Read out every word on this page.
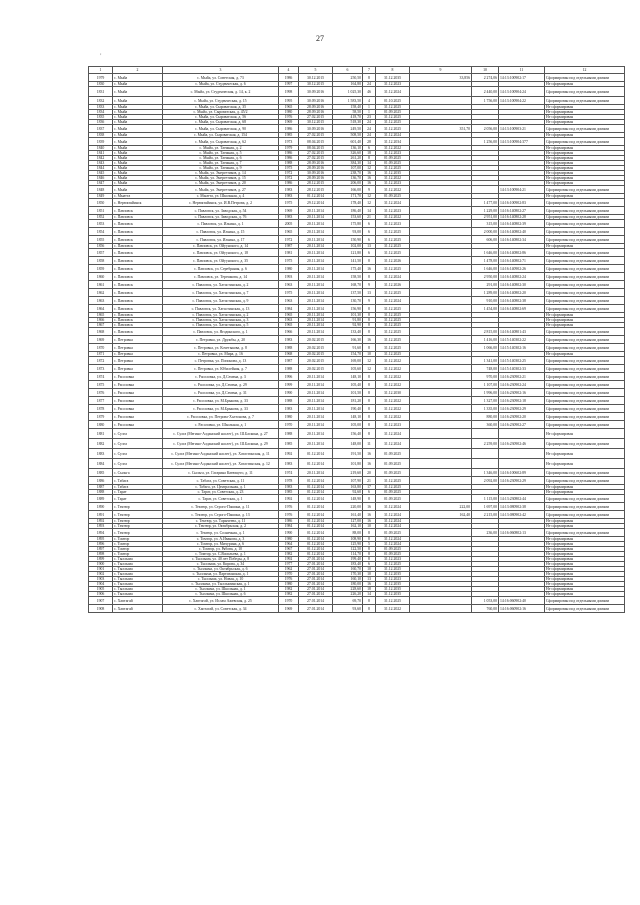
27
,
1	2	3	4	5	6	7	8	9	10	11	12
1979	с. Мыйа	с. Мыйа, ул. Советская, д. 73	1986	30.12.2015	250,50	8	31.12.2035	33,856	2 274,06	14:13:100902:17	Сформирован под отдельными домами
1830	с. Мыйа	с. Мыйа, ул. Студенческая, д. 6	1997	30.12.2015	164,80	24	31.12.2023				Не сформирован
1831	с. Мыйа	с. Мыйа, ул. Студенческая, д. 14, к. 2	1998	30.09.2016	1 025,30	46	31.12.2024		2 440,00	14:13:100904:24	Сформирован под отдельными домами
1832	с. Мыйа	с. Мыйа, ул. Студенческая, д. 15	1995	30.09.2016	1 583,50	4	01.10.2025		1 756,00	14:13:100904:22	Сформирован под отдельными домами
1833	с. Мыйа	с. Мыйа, ул. Сыроватская, д. 35	1965	28.09.2016	158,40	1	31.12.2025				Не сформирован
1834	с. Мыйа	с. Мыйа, ул. Сыроватская, д. 45/2	1980	28.09.2016	58,50	1	01.09.2025				Не сформирован
1835	с. Мыйа	с. Мыйа, ул. Сыроватская, д. 56	1976	27.02.2015	418,70	23	31.12.2025				Не сформирован
1836	с. Мыйа	с. Мыйа, ул. Сыроватская, д. 68	1969	30.12.2015	518,30	24	31.12.2025				Не сформирован
1837	с. Мыйа	с. Мыйа, ул. Сыроватская, д. 90	1986	30.09.2016	249,50	24	31.12.2025	351,70	2 056,00	14:13:100903:21	Сформирован под отдельными домами
1838	с. Мыйа	с. Мыйа, ул. Сыроватская, д. 154	1985	27.02.2015	508,50	24	31.12.2024				Не сформирован
1839	с. Мыйа	с. Мыйа, ул. Сыроватская, д. 62	1973	08.04.2015	601,40	28	31.12.2034		1 256,00	14:13:100904:377	Сформирован под отдельными домами
1840	с. Мыйа	с. Мыйа, ул. Таежная, д. 2	1979	08.04.2015	136,10	6	31.12.2022				Не сформирован
1841	с. Мыйа	с. Мыйа, ул. Таежная, д. 5	1986	27.02.2015	326,60	18	31.12.2023				Не сформирован
1842	с. Мыйа	с. Мыйа, ул. Таежная, д. 6	1986	27.02.2015	261,20	8	01.09.2025				Не сформирован
1843	с. Мыйа	с. Мыйа, ул. Таежная, д. 7	1988	28.09.2016	384,30	14	01.09.2025				Не сформирован
1844	с. Мыйа	с. Мыйа, ул. Таежная, д. 9	1975	28.09.2016	107,00	12	31.12.2025				Не сформирован
1845	с. Мыйа	с. Мыйа, ул. Энергетиков, д. 14	1972	30.09.2016	238,70	16	31.12.2035				Не сформирован
1846	с. Мыйа	с. Мыйа, ул. Энергетиков, д. 15	1972	28.09.2016	136,70	16	31.12.2022				Не сформирован
1847	с. Мыйа	с. Мыйа, ул. Энергетиков, д. 20	1986	28.12.2015	206,00	16	31.12.2023				Не сформирован
1848	с. Мыйа	с. Мыйа, ул. Энергетиков, д. 27	1983	28.12.2015	166,00	9	31.12.2022			14:13:100904:21	Сформирован под отдельными домами
1849	с. Мыатта	с. Мыатта, ул. Школьная, д. 4	1983	01.12.2014	171,70	12	01.09.2025				Не сформирован
1850	с. Нерюктяйинск	с. Нерюктяйинск, ул. И.В.Петрова, д. 2	1975	29.12.2014	178,40	12	31.12.2024		1 477,00	14:16:100902:83	Сформирован под отдельными домами
1851	с. Павловск	с. Павловск, ул. Заводская, д. 54	1969	20.11.2014	186,40	14	31.12.2023		1 229,00	14:16:140802:27	Сформирован под отдельными домами
1852	с. Павловск	с. Павловск, ул. Заводская, д. 76	1983	20.11.2014	153,60	21	31.12.2022		2 951,00	14:16:140802:28	Сформирован под отдельными домами
1853	с. Павловск	с. Павловск, ул. Ильина, д. 1	2005	20.11.2014	175,80	6	31.12.2023		315,00	14:16:140802:39	Сформирован под отдельными домами
1854	с. Павловск	с. Павловск, ул. Ильина, д. 15	1965	20.11.2014	93,00	6	31.12.2025		2 000,00	14:16:140802:40	Сформирован под отдельными домами
1855	с. Павловск	с. Павловск, ул. Ильина, д. 17	1972	20.11.2014	150,90	6	31.12.2025		606,00	14:16:140802:34	Сформирован под отдельными домами
1856	с. Павловск	с. Павловск, ул. Ойуунского, д. 14	1987	20.11.2014	102,00	13	31.12.2025				Не сформирован
1857	с. Павловск	с. Павловск, ул. Ойуунского, д. 18	1981	20.11.2014	121,80	6	31.12.2025		1 646,00	14:16:140802:86	Сформирован под отдельными домами
1858	с. Павловск	с. Павловск, ул. Ойуунского, д. 35	1975	20.11.2014	141,50	8	31.12.2026		1 478,00	14:16:140802:71	Сформирован под отдельными домами
1859	с. Павловск	с. Павловск, ул. Серебряная, д. 6	1980	20.11.2014	175,40	16	31.12.2025		1 646,00	14:16:140902:26	Сформирован под отдельными домами
1860	с. Павловск	с. Павловск, ул. Терешкова, д. 14	1993	20.11.2014	158,50	8	31.12.2024		2 950,00	14:16:140802:24	Сформирован под отдельными домами
1861	с. Павловск	с. Павловск, ул. Хатастинская, д. 2	1963	20.11.2014	168,70	9	31.12.2026		291,00	14:16:140802:30	Сформирован под отдельными домами
1862	с. Павловск	с. Павловск, ул. Хатастинская, д. 7	1975	20.11.2014	137,50	13	31.12.2025		1 289,00	14:16:140802:20	Сформирован под отдельными домами
1863	с. Павловск	с. Павловск, ул. Хатастинская, д. 9	1963	20.11.2014	130,70	9	31.12.2024		910,00	14:16:140802:38	Сформирован под отдельными домами
1864	с. Павловск	с. Павловск, ул. Хатастинская, д. 13	1984	20.11.2014	156,90	8	31.12.2025		1 454,00	14:16:140802:69	Сформирован под отдельными домами
1865	с. Павловск	с. Павловск, ул. Хатастинская, д. 2	1965	20.11.2014	101,30	8	31.12.2025				Не сформирован
1866	с. Павловск	с. Павловск, ул. Хатастинская, д. 3	1963	20.11.2014	91,80	8	31.12.2025				Не сформирован
1867	с. Павловск	с. Павловск, ул. Хатастинская, д. 5	1965	20.11.2014	92,90	8	31.12.2025				Не сформирован
1868	с. Павловск	с. Павловск, ул. Ягодинского, д. 1	1966	20.11.2014	133,40	8	31.12.2025		2 815,00	14:16:140801:43	Сформирован под отдельными домами
1869	с. Петровка	с. Петровка, ул. Дружбы, д. 20	1983	20.02.2015	166,30	16	31.12.2025		1 416,00	14:15:140302:22	Сформирован под отдельными домами
1870	с. Петровка	с. Петровка, ул. Кочетыкова, д. 8	1988	20.02.2015	91,60	8	31.12.2025		1 066,00	14:15:140302:16	Сформирован под отдельными домами
1871	с. Петровка	с. Петровка, ул. Мира, д. 16	1968	20.02.2015	154,70	10	31.12.2025				Не сформирован
1872	с. Петровка	с. Петровка, ул. Попонова, д. 13	1987	20.02.2015	169,00	12	31.12.2022		1 341,00	14:15:140302:25	Сформирован под отдельными домами
1873	с. Петровка	с. Петровка, ул. Юбилейная, д. 7	1988	20.02.2015	105,60	12	31.12.2022		748,00	14:15:140302:33	Сформирован под отдельными домами
1874	с. Расоловка	с. Расоловка, ул. Д.Семена, д. 3	1996	20.11.2014	148,10	8	31.12.2022		970,00	14:16:230902:21	Сформирован под отдельными домами
1875	с. Расоловка	с. Расоловка, ул. Д.Семена, д. 29	1999	20.11.2014	105,40	8	31.12.2022		1 107,00	14:16:230902:24	Сформирован под отдельными домами
1876	с. Расоловка	с. Расоловка, ул. Д.Семена, д. 31	1990	20.11.2014	101,50	8	31.12.2030		1 996,00	14:16:230902:16	Сформирован под отдельными домами
1877	с. Расоловка	с. Расоловка, ул. М.Брыкова, д. 33	1988	20.11.2014	181,20	8	31.12.2022		1 327,00	14:16:230902:18	Сформирован под отдельными домами
1878	с. Расоловка	с. Расоловка, ул. М.Брыкова, д. 33	1983	20.11.2014	190,40	8	31.12.2022		1 335,00	14:16:230902:29	Сформирован под отдельными домами
1879	с. Расоловка	с. Расоловка, ул. Петрова-Халтонова, д. 7	1980	20.11.2014	148,10	8	31.12.2022		880,00	14:16:230902:20	Сформирован под отдельными домами
1880	с. Расоловка	с. Расоловка, ул. Школьная, д. 1	1970	20.11.2014	105,00	8	31.12.2023		360,00	14:16:230902:27	Сформирован под отдельными домами
1881	с. Сулга	с. Сулга (Мегино-Алданский наслег), ул. Ш.Баскина, д. 27	1988	20.11.2014	156,40	8	31.12.2024				Не сформирован
1882	с. Сулга	с. Сулга (Мегино-Алданский наслег), ул. Ш.Баскина, д. 29	1985	20.11.2014	148,00	11	31.12.2024		2 259,00	14:16:230902:46	Сформирован под отдельными домами
1883	с. Сулга	с. Сулга (Мегино-Алданский наслег), ул. Хатастинская, д. 11	1992	01.12.2014	191,50	16	01.09.2025				Не сформирован
1884	с. Сулга	с. Сулга (Мегино-Алданский наслег), ул. Хатастинская, д. 12	1983	01.12.2014	101,80	16	01.09.2025				Не сформирован
1885	с. Сыльга	с. Сыльга, ул. Гагарина Катющего, д. 11	1974	20.11.2014	219,60	20	01.09.2025		1 346,00	14:16:100602:89	Сформирован под отдельными домами
1886	с. Табага	с. Табага, ул. Советская, д. 11	1978	01.12.2014	107,90	21	31.12.2025		2 092,00	14:16:230902:29	Сформирован под отдельными домами
1887	с. Табага	с. Табага, ул. Центральная, д. 1	1983	01.12.2014	163,80	17	31.12.2025				Не сформирован
1888	с. Тарат	с. Тарат, ул. Советская, д. 23	1985	01.12.2014	92,60	6	01.09.2025				Не сформирован
1889	с. Тарат	с. Тарат, ул. Советская, д. 1	1992	01.12.2014	148,90	8	01.09.2025		1 115,00	14:13:230802:44	Сформирован под отдельными домами
1890	с. Тектюр	с. Тектюр, ул. Строго-Пашина, д. 11	1976	01.12.2014	220,00	16	31.12.2024	222,00	1 697,00	14:13:080902:38	Сформирован под отдельными домами
1891	с. Тектюр	с. Тектюр, ул. Строго-Пашина, д. 13	1976	01.12.2014	161,40	16	31.12.2024	162,40	2 215,00	14:13:080902:42	Сформирован под отдельными домами
1892	с. Тектюр	с. Тектюр, ул. Тарычеева, д. 11	1986	01.12.2014	127,00	16	31.12.2024				Не сформирован
1893	с. Тектюр	с. Тектюр, ул. Октябрьская, д. 2	1984	01.12.2014	162,10	10	31.12.2024				Не сформирован
1894	с. Тектюр	с. Тектюр, ул. Солнечная, д. 1	1990	01.12.2014	88,00	8	01.09.2025		236,00	14:16:060802:13	Сформирован под отдельными домами
1895	с. Томтор	с. Томтор, ул. А.Иванова, д. 3	1980	01.12.2014	108,90	8	31.12.2024				Не сформирован
1896	с. Томтор	с. Томтор, ул. Мичурина, д. 6	1964	01.12.2014	125,90	5	31.12.2024				Не сформирован
1897	с. Томтор	с. Томтор, ул. Рябова, д. 10	1967	01.12.2014	122,50	8	01.09.2025				Не сформирован
1898	с. Томтор	с. Томтор, ул. С.Васильева, д. 1	1982	01.12.2014	114,70	8	01.09.2025				Не сформирован
1899	с. Тыллыма	с. Тыллыма, ул. 40 лет Победы, д. 8	1992	27.01.2014	199,40	8	31.12.2023				Не сформирован
1900	с. Тыллыма	с. Тыллыма, ул. Кирова, д. 34	1977	27.01.2014	183,40	6	31.12.2025				Не сформирован
1901	с. Тыллыма	с. Тыллыма, ул. Октябрьская, д. 6	1962	27.01.2014	160,70	10	31.12.2025				Не сформирован
1902	с. Тыллыма	с. Тыллыма, ул. Партизанская, д. 1	1970	27.01.2014	170,30	10	31.12.2035				Не сформирован
1903	с. Тыллыма	с. Тыллыма, ул. Новая, д. 10	1976	27.01.2014	160,10	13	31.12.2023				Не сформирован
1904	с. Тыллыма	с. Тыллыма, ул. Тыллыминская, д. 1	1980	27.01.2014	180,00	16	31.12.2035				Не сформирован
1905	с. Тыллыма	с. Тыллыма, ул. Школьная, д. 1	1982	27.01.2014	228,60	18	31.12.2035				Не сформирован
1906	с. Тыллыма	с. Тыллыма, ул. Школьная, д. 6	1982	27.01.2014	226,20	14	31.12.2035				Не сформирован
1907	с. Хаптагай	с. Хаптагай, ул. Ислам Ажевская, д. 25	1970	27.01.2014	69,70	8	31.12.2025		1 053,00	14:16:060902:40	Сформирован под отдельными домами
1908	с. Хаптагай	с. Хаптагай, ул. Советская, д. 34	1969	27.01.2014	93,60	8	31.12.2022		760,00	14:16:060902:16	Сформирован под отдельными домами
